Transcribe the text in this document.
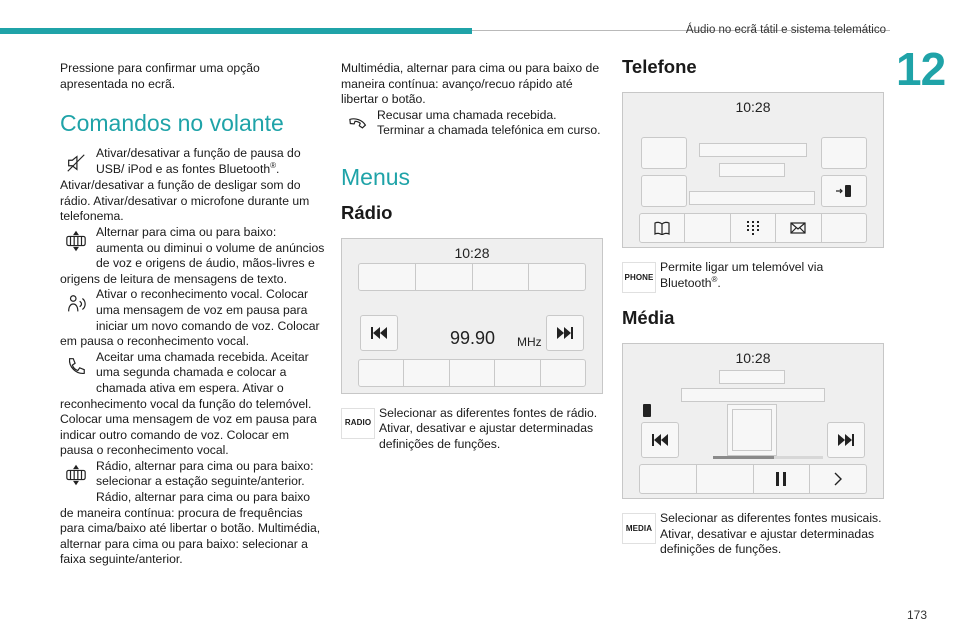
Áudio no ecrã tátil e sistema telemático
12

Pressione para confirmar uma opção apresentada no ecrã.

Comandos no volante
Ativar/desativar a função de pausa do USB/ iPod e as fontes Bluetooth®.

Ativar/desativar a função de desligar som do rádio. Ativar/desativar o microfone durante um telefonema.

Alternar para cima ou para baixo: aumenta ou diminui o volume de anúncios de voz e origens de áudio, mãos-livres e origens de leitura de mensagens de texto.
Ativar o reconhecimento vocal. Colocar uma mensagem de voz em pausa para iniciar um novo comando de voz. Colocar em pausa o reconhecimento vocal.
Aceitar uma chamada recebida. Aceitar uma segunda chamada e colocar a chamada ativa em espera. Ativar o reconhecimento vocal da função do telemóvel. Colocar uma mensagem de voz em pausa para indicar outro comando de voz. Colocar em pausa o reconhecimento vocal.
Rádio, alternar para cima ou para baixo: selecionar a estação seguinte/anterior. Rádio, alternar para cima ou para baixo de maneira contínua: procura de frequências para cima/baixo até libertar o botão. Multimédia, alternar para cima ou para baixo: selecionar a faixa seguinte/anterior.

Multimédia, alternar para cima ou para baixo de maneira contínua: avanço/recuo rápido até libertar o botão.

Recusar uma chamada recebida. Terminar a chamada telefónica em curso.
Menus
Rádio
10:28
99.90 MHz
RADIO
Selecionar as diferentes fontes de rádio. Ativar, desativar e ajustar determinadas definições de funções.
Telefone
10:28
PHONE
Permite ligar um telemóvel via Bluetooth®.
Média
10:28
MEDIA
Selecionar as diferentes fontes musicais. Ativar, desativar e ajustar determinadas definições de funções.
173
